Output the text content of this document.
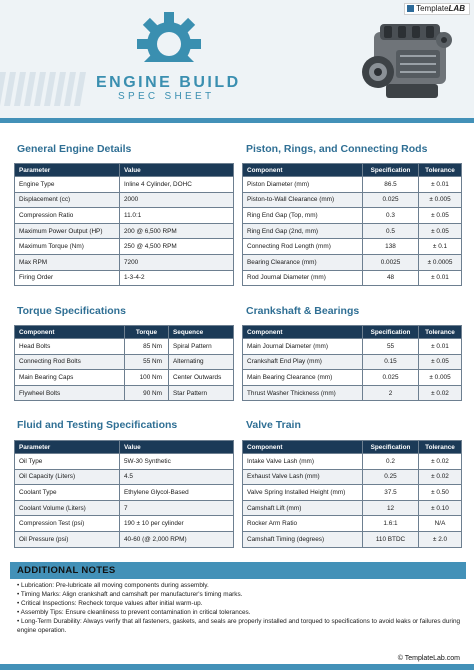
ENGINE BUILD
SPEC SHEET
TemplateLAB
General Engine Details
Parameter	Value
Engine Type	Inline 4 Cylinder, DOHC
Displacement (cc)	2000
Compression Ratio	11.0:1
Maximum Power Output (HP)	200 @ 6,500 RPM
Maximum Torque (Nm)	250 @ 4,500 RPM
Max RPM	7200
Firing Order	1-3-4-2
Piston, Rings, and Connecting Rods
Component	Specification	Tolerance
Piston Diameter (mm)	86.5	± 0.01
Piston-to-Wall Clearance (mm)	0.025	± 0.005
Ring End Gap (Top, mm)	0.3	± 0.05
Ring End Gap (2nd, mm)	0.5	± 0.05
Connecting Rod Length (mm)	138	± 0.1
Bearing Clearance (mm)	0.0025	± 0.0005
Rod Journal Diameter (mm)	48	± 0.01
Torque Specifications
Component	Torque	Sequence
Head Bolts	85 Nm	Spiral Pattern
Connecting Rod Bolts	55 Nm	Alternating
Main Bearing Caps	100 Nm	Center Outwards
Flywheel Bolts	90 Nm	Star Pattern
Crankshaft & Bearings
Component	Specification	Tolerance
Main Journal Diameter (mm)	55	± 0.01
Crankshaft End Play (mm)	0.15	± 0.05
Main Bearing Clearance (mm)	0.025	± 0.005
Thrust Washer Thickness (mm)	2	± 0.02
Fluid and Testing Specifications
Parameter	Value
Oil Type	5W-30 Synthetic
Oil Capacity (Liters)	4.5
Coolant Type	Ethylene Glycol-Based
Coolant Volume (Liters)	7
Compression Test (psi)	190 ± 10 per cylinder
Oil Pressure (psi)	40-60 (@ 2,000 RPM)
Valve Train
Component	Specification	Tolerance
Intake Valve Lash (mm)	0.2	± 0.02
Exhaust Valve Lash (mm)	0.25	± 0.02
Valve Spring Installed Height (mm)	37.5	± 0.50
Camshaft Lift (mm)	12	± 0.10
Rocker Arm Ratio	1.6:1	N/A
Camshaft Timing (degrees)	110 BTDC	± 2.0
ADDITIONAL NOTES
• Lubrication: Pre-lubricate all moving components during assembly.
• Timing Marks: Align crankshaft and camshaft per manufacturer's timing marks.
• Critical Inspections: Recheck torque values after initial warm-up.
• Assembly Tips: Ensure cleanliness to prevent contamination in critical tolerances.
• Long-Term Durability: Always verify that all fasteners, gaskets, and seals are properly installed and torqued to specifications to avoid leaks or failures during engine operation.
© TemplateLab.com
